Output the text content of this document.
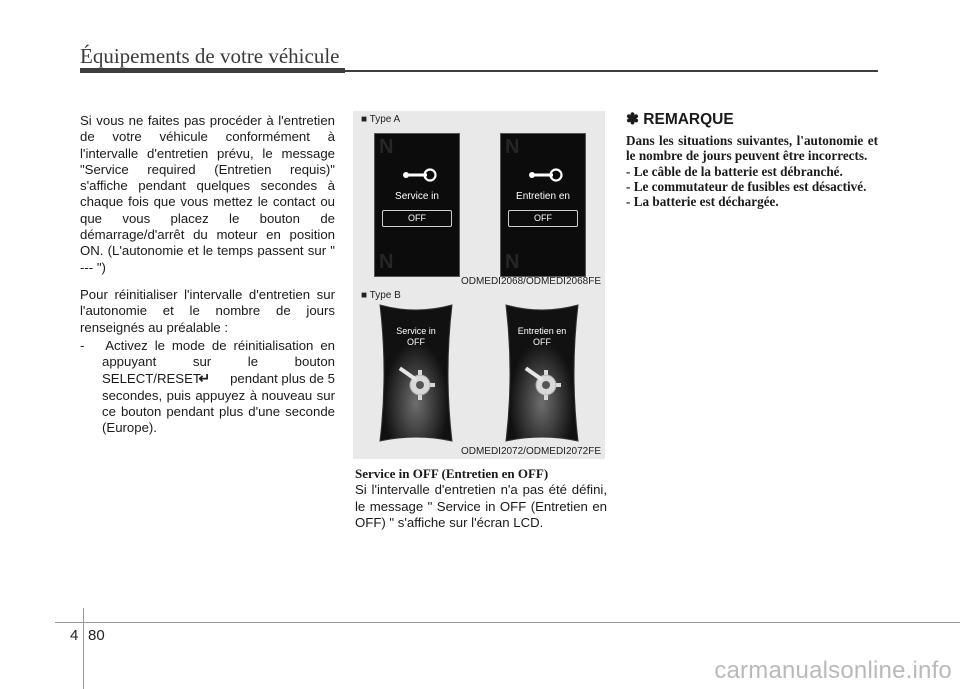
Équipements de votre véhicule

Si vous ne faites pas procéder à l'entretien de votre véhicule conformément à l'intervalle d'entretien prévu, le message "Service required (Entretien requis)" s'affiche pendant quelques secondes à chaque fois que vous mettez le contact ou que vous placez le bouton de démarrage/d'arrêt du moteur en position ON. (L'autonomie et le temps passent sur " --- ")

Pour réinitialiser l'intervalle d'entretien sur l'autonomie et le nombre de jours renseignés au préalable :

- Activez le mode de réinitialisation en appuyant sur le bouton SELECT/RESET ↵ pendant plus de 5 secondes, puis appuyez à nouveau sur ce bouton pendant plus d'une seconde (Europe).

■ Type A
N
Service in
OFF
N
N
Entretien en
OFF
N
ODMEDI2068/ODMEDI2068FE
■ Type B
Service in
OFF
Entretien en
OFF
ODMEDI2072/ODMEDI2072FE

Service in OFF (Entretien en OFF)

Si l'intervalle d'entretien n'a pas été défini, le message " Service in OFF (Entretien en OFF) " s'affiche sur l'écran LCD.

✽ REMARQUE

Dans les situations suivantes, l'autonomie et le nombre de jours peuvent être incorrects.

- Le câble de la batterie est débranché.

- Le commutateur de fusibles est désactivé.

- La batterie est déchargée.

4 80
carmanualsonline.info
